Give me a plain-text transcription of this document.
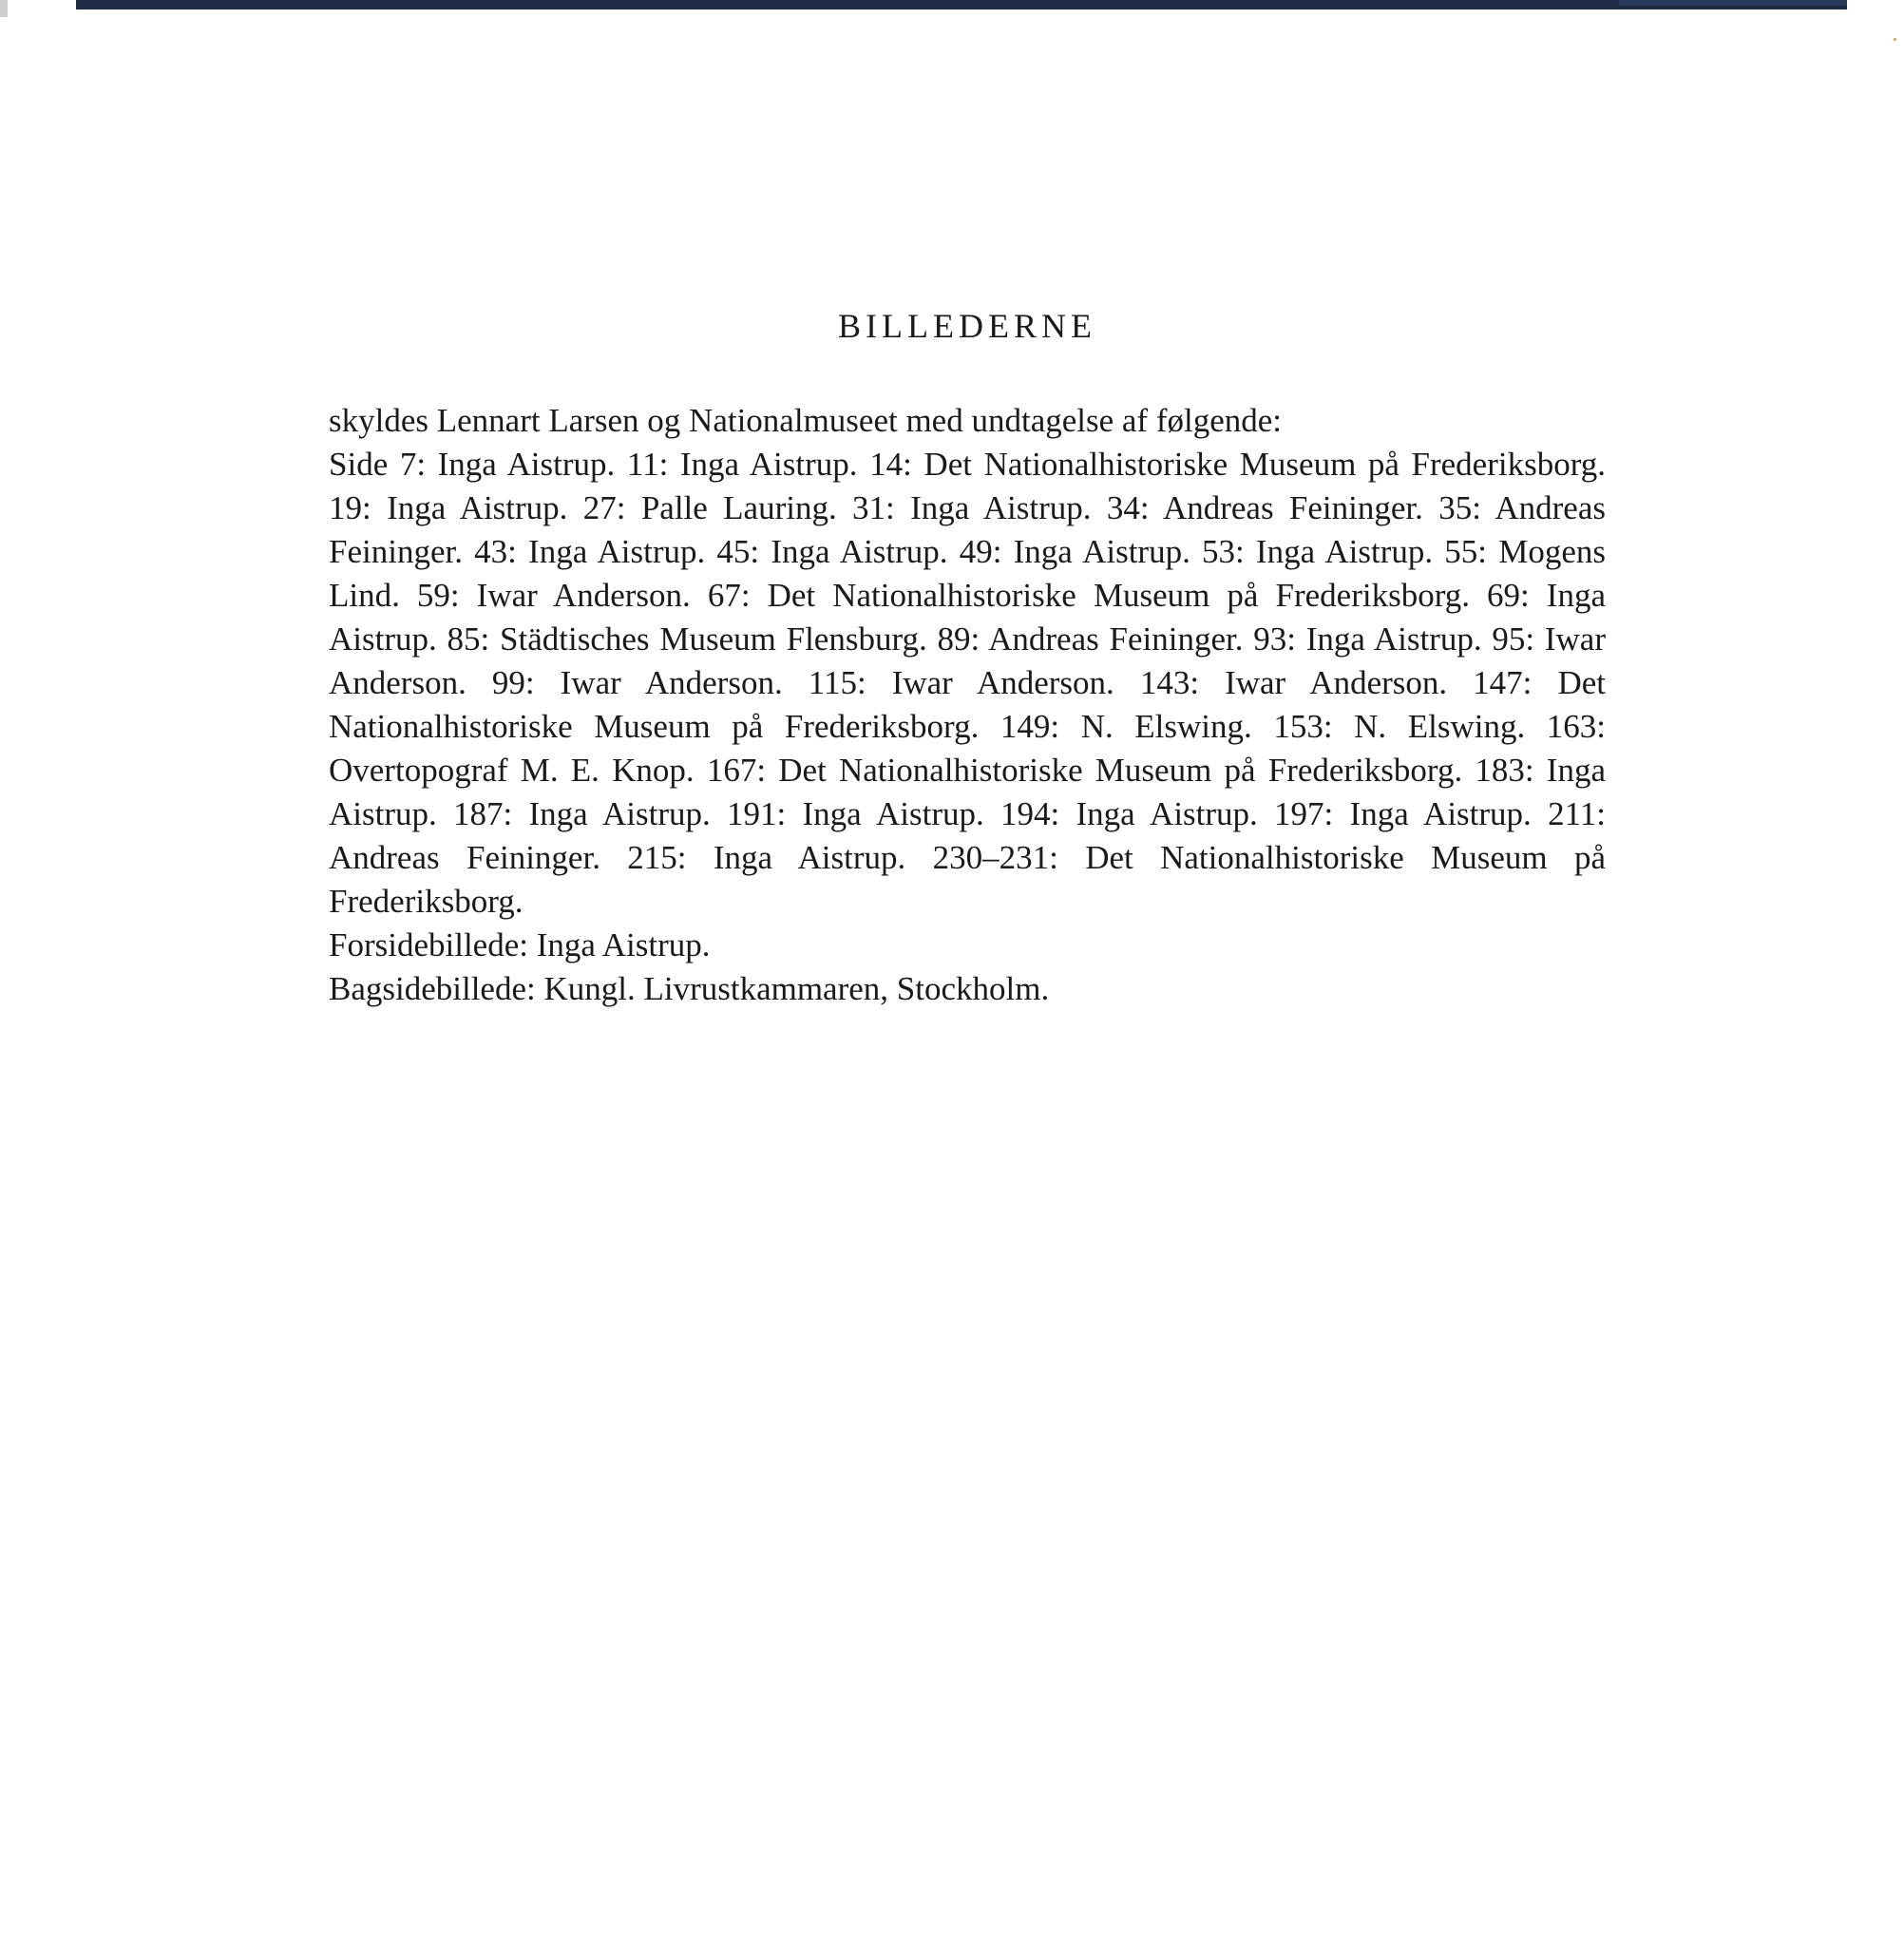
BILLEDERNE

skyldes Lennart Larsen og Nationalmuseet med undtagelse af følgende:
Side 7: Inga Aistrup. 11: Inga Aistrup. 14: Det Nationalhistoriske Museum på Frederiksborg. 19: Inga Aistrup. 27: Palle Lauring. 31: Inga Aistrup. 34: Andreas Feininger. 35: Andreas Feininger. 43: Inga Aistrup. 45: Inga Aistrup. 49: Inga Aistrup. 53: Inga Aistrup. 55: Mogens Lind. 59: Iwar Anderson. 67: Det Nationalhistoriske Museum på Frederiksborg. 69: Inga Aistrup. 85: Städtisches Museum Flensburg. 89: Andreas Feininger. 93: Inga Aistrup. 95: Iwar Anderson. 99: Iwar Anderson. 115: Iwar Anderson. 143: Iwar Anderson. 147: Det Nationalhistoriske Museum på Frederiksborg. 149: N. Elswing. 153: N. Elswing. 163: Overtopograf M. E. Knop. 167: Det Nationalhistoriske Museum på Frederiksborg. 183: Inga Aistrup. 187: Inga Aistrup. 191: Inga Aistrup. 194: Inga Aistrup. 197: Inga Aistrup. 211: Andreas Feininger. 215: Inga Aistrup. 230–231: Det Nationalhistoriske Museum på Frederiksborg.
Forsidebillede: Inga Aistrup.
Bagsidebillede: Kungl. Livrustkammaren, Stockholm.
